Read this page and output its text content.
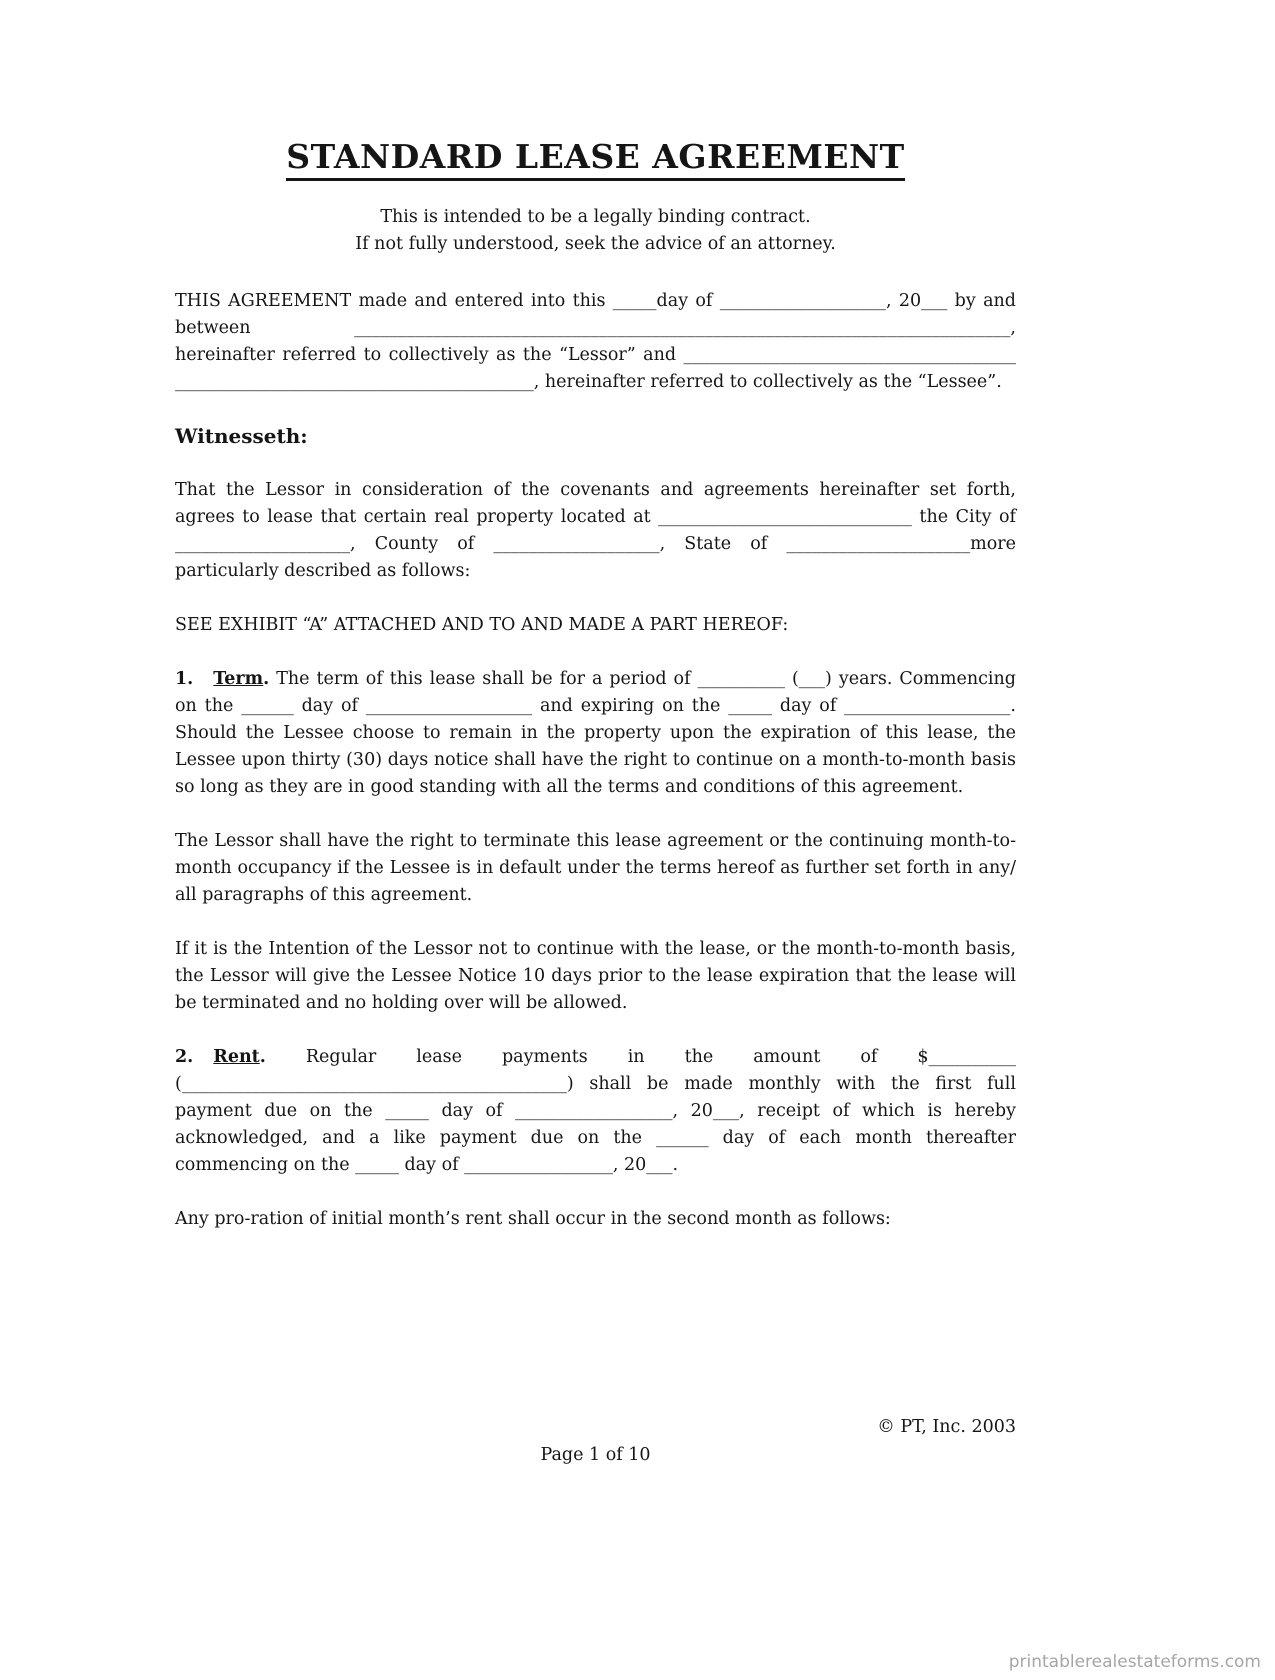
STANDARD LEASE AGREEMENT
This is intended to be a legally binding contract.
If not fully understood, seek the advice of an attorney.

THIS AGREEMENT made and entered into this _____day of ___________________, 20___ by and between ___________________________________________________________________________, hereinafter referred to collectively as the “Lessor” and ______________________________________ _________________________________________, hereinafter referred to collectively as the “Lessee”.

Witnesseth:

That the Lessor in consideration of the covenants and agreements hereinafter set forth, agrees to lease that certain real property located at _____________________________ the City of ____________________, County of ___________________, State of _____________________more particularly described as follows:

SEE EXHIBIT “A” ATTACHED AND TO AND MADE A PART HEREOF:

1. Term. The term of this lease shall be for a period of __________ (___) years. Commencing on the ______ day of ___________________ and expiring on the _____ day of ___________________. Should the Lessee choose to remain in the property upon the expiration of this lease, the Lessee upon thirty (30) days notice shall have the right to continue on a month-to-month basis so long as they are in good standing with all the terms and conditions of this agreement.

The Lessor shall have the right to terminate this lease agreement or the continuing month-to-month occupancy if the Lessee is in default under the terms hereof as further set forth in any/ all paragraphs of this agreement.

If it is the Intention of the Lessor not to continue with the lease, or the month-to-month basis, the Lessor will give the Lessee Notice 10 days prior to the lease expiration that the lease will be terminated and no holding over will be allowed.

2. Rent. Regular lease payments in the amount of $__________ (____________________________________________) shall be made monthly with the first full payment due on the _____ day of __________________, 20___, receipt of which is hereby acknowledged, and a like payment due on the ______ day of each month thereafter commencing on the _____ day of _________________, 20___.

Any pro-ration of initial month’s rent shall occur in the second month as follows:

© PT, Inc. 2003
Page 1 of 10
printablerealestateforms.com
